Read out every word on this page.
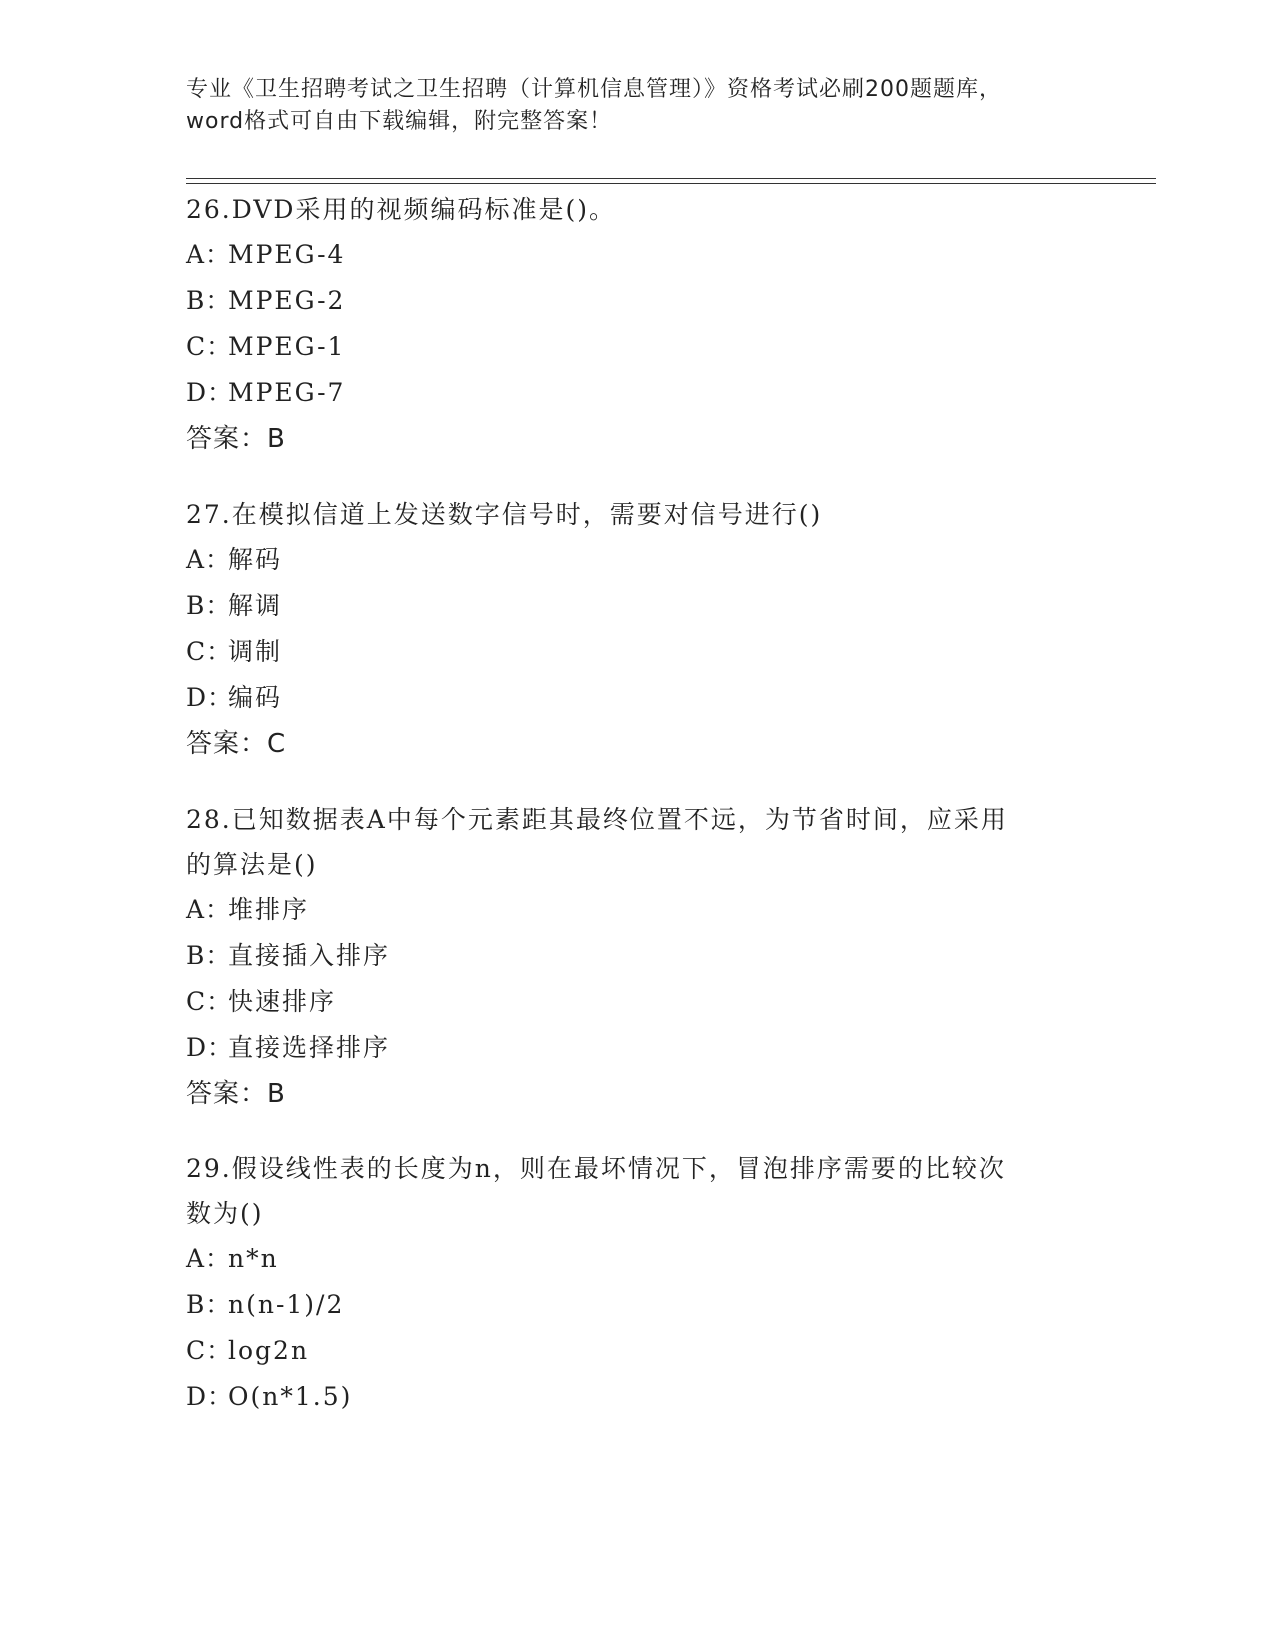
专业《卫生招聘考试之卫生招聘（计算机信息管理）》资格考试必刷200题题库，
word格式可自由下载编辑，附完整答案！
26.DVD采用的视频编码标准是()。
A：
MPEG-4
B：
MPEG-2
C：
MPEG-1
D：
MPEG-7
答案：B
27.在模拟信道上发送数字信号时，需要对信号进行()
A：
解码
B：
解调
C：
调制
D：
编码
答案：C
28.已知数据表A中每个元素距其最终位置不远，为节省时间，应采用
的算法是()
A：
堆排序
B：
直接插入排序
C：
快速排序
D：
直接选择排序
答案：B
29.假设线性表的长度为n，则在最坏情况下，冒泡排序需要的比较次
数为()
A：
n*n
B：
n(n-1)/2
C：
log2n
D：
O(n*1.5)
